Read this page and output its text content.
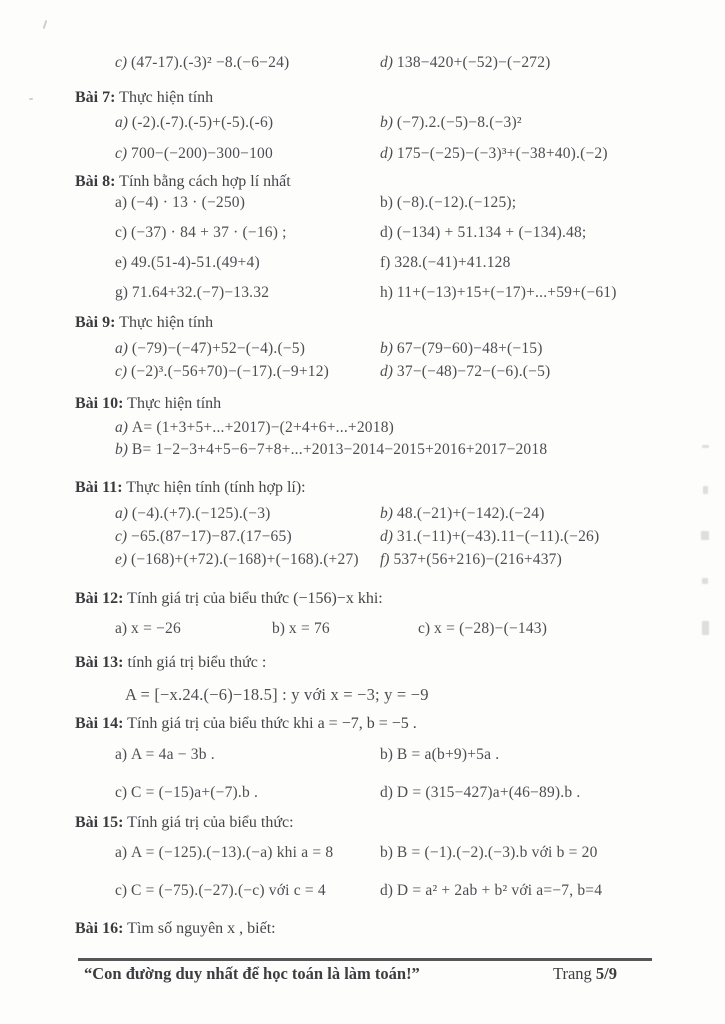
c) (47-17).(-3)² −8.(−6−24)	d) 138−420+(−52)−(−272)

Bài 7: Thực hiện tính

a) (-2).(-7).(-5)+(-5).(-6)	b) (−7).2.(−5)−8.(−3)²
c) 700−(−200)−300−100	d) 175−(−25)−(−3)³+(−38+40).(−2)

Bài 8: Tính bằng cách hợp lí nhất

a) (−4) · 13 · (−250)	b) (−8).(−12).(−125);
c) (−37) · 84 + 37 · (−16) ;	d) (−134) + 51.134 + (−134).48;
e) 49.(51-4)-51.(49+4)	f) 328.(−41)+41.128
g) 71.64+32.(−7)−13.32	h) 11+(−13)+15+(−17)+...+59+(−61)

Bài 9: Thực hiện tính

a) (−79)−(−47)+52−(−4).(−5)	b) 67−(79−60)−48+(−15)
c) (−2)³.(−56+70)−(−17).(−9+12)	d) 37−(−48)−72−(−6).(−5)

Bài 10: Thực hiện tính

a) A= (1+3+5+...+2017)−(2+4+6+...+2018)
b) B= 1−2−3+4+5−6−7+8+...+2013−2014−2015+2016+2017−2018

Bài 11: Thực hiện tính (tính hợp lí):

a) (−4).(+7).(−125).(−3)	b) 48.(−21)+(−142).(−24)
c) −65.(87−17)−87.(17−65)	d) 31.(−11)+(−43).11−(−11).(−26)
e) (−168)+(+72).(−168)+(−168).(+27)	f) 537+(56+216)−(216+437)

Bài 12: Tính giá trị của biểu thức (−156)−x khi:

a) x = −26	b) x = 76	c) x = (−28)−(−143)

Bài 13: tính giá trị biểu thức :

A = [−x.24.(−6)−18.5] : y với x = −3; y = −9

Bài 14: Tính giá trị của biểu thức khi a = −7, b = −5 .

a) A = 4a − 3b .	b) B = a(b+9)+5a .
c) C = (−15)a+(−7).b .	d) D = (315−427)a+(46−89).b .

Bài 15: Tính giá trị của biểu thức:

a) A = (−125).(−13).(−a) khi a = 8	b) B = (−1).(−2).(−3).b với b = 20
c) C = (−75).(−27).(−c) với c = 4	d) D = a² + 2ab + b² với a=−7, b=4

Bài 16: Tìm số nguyên x , biết:

“Con đường duy nhất để học toán là làm toán!”	Trang 5/9
